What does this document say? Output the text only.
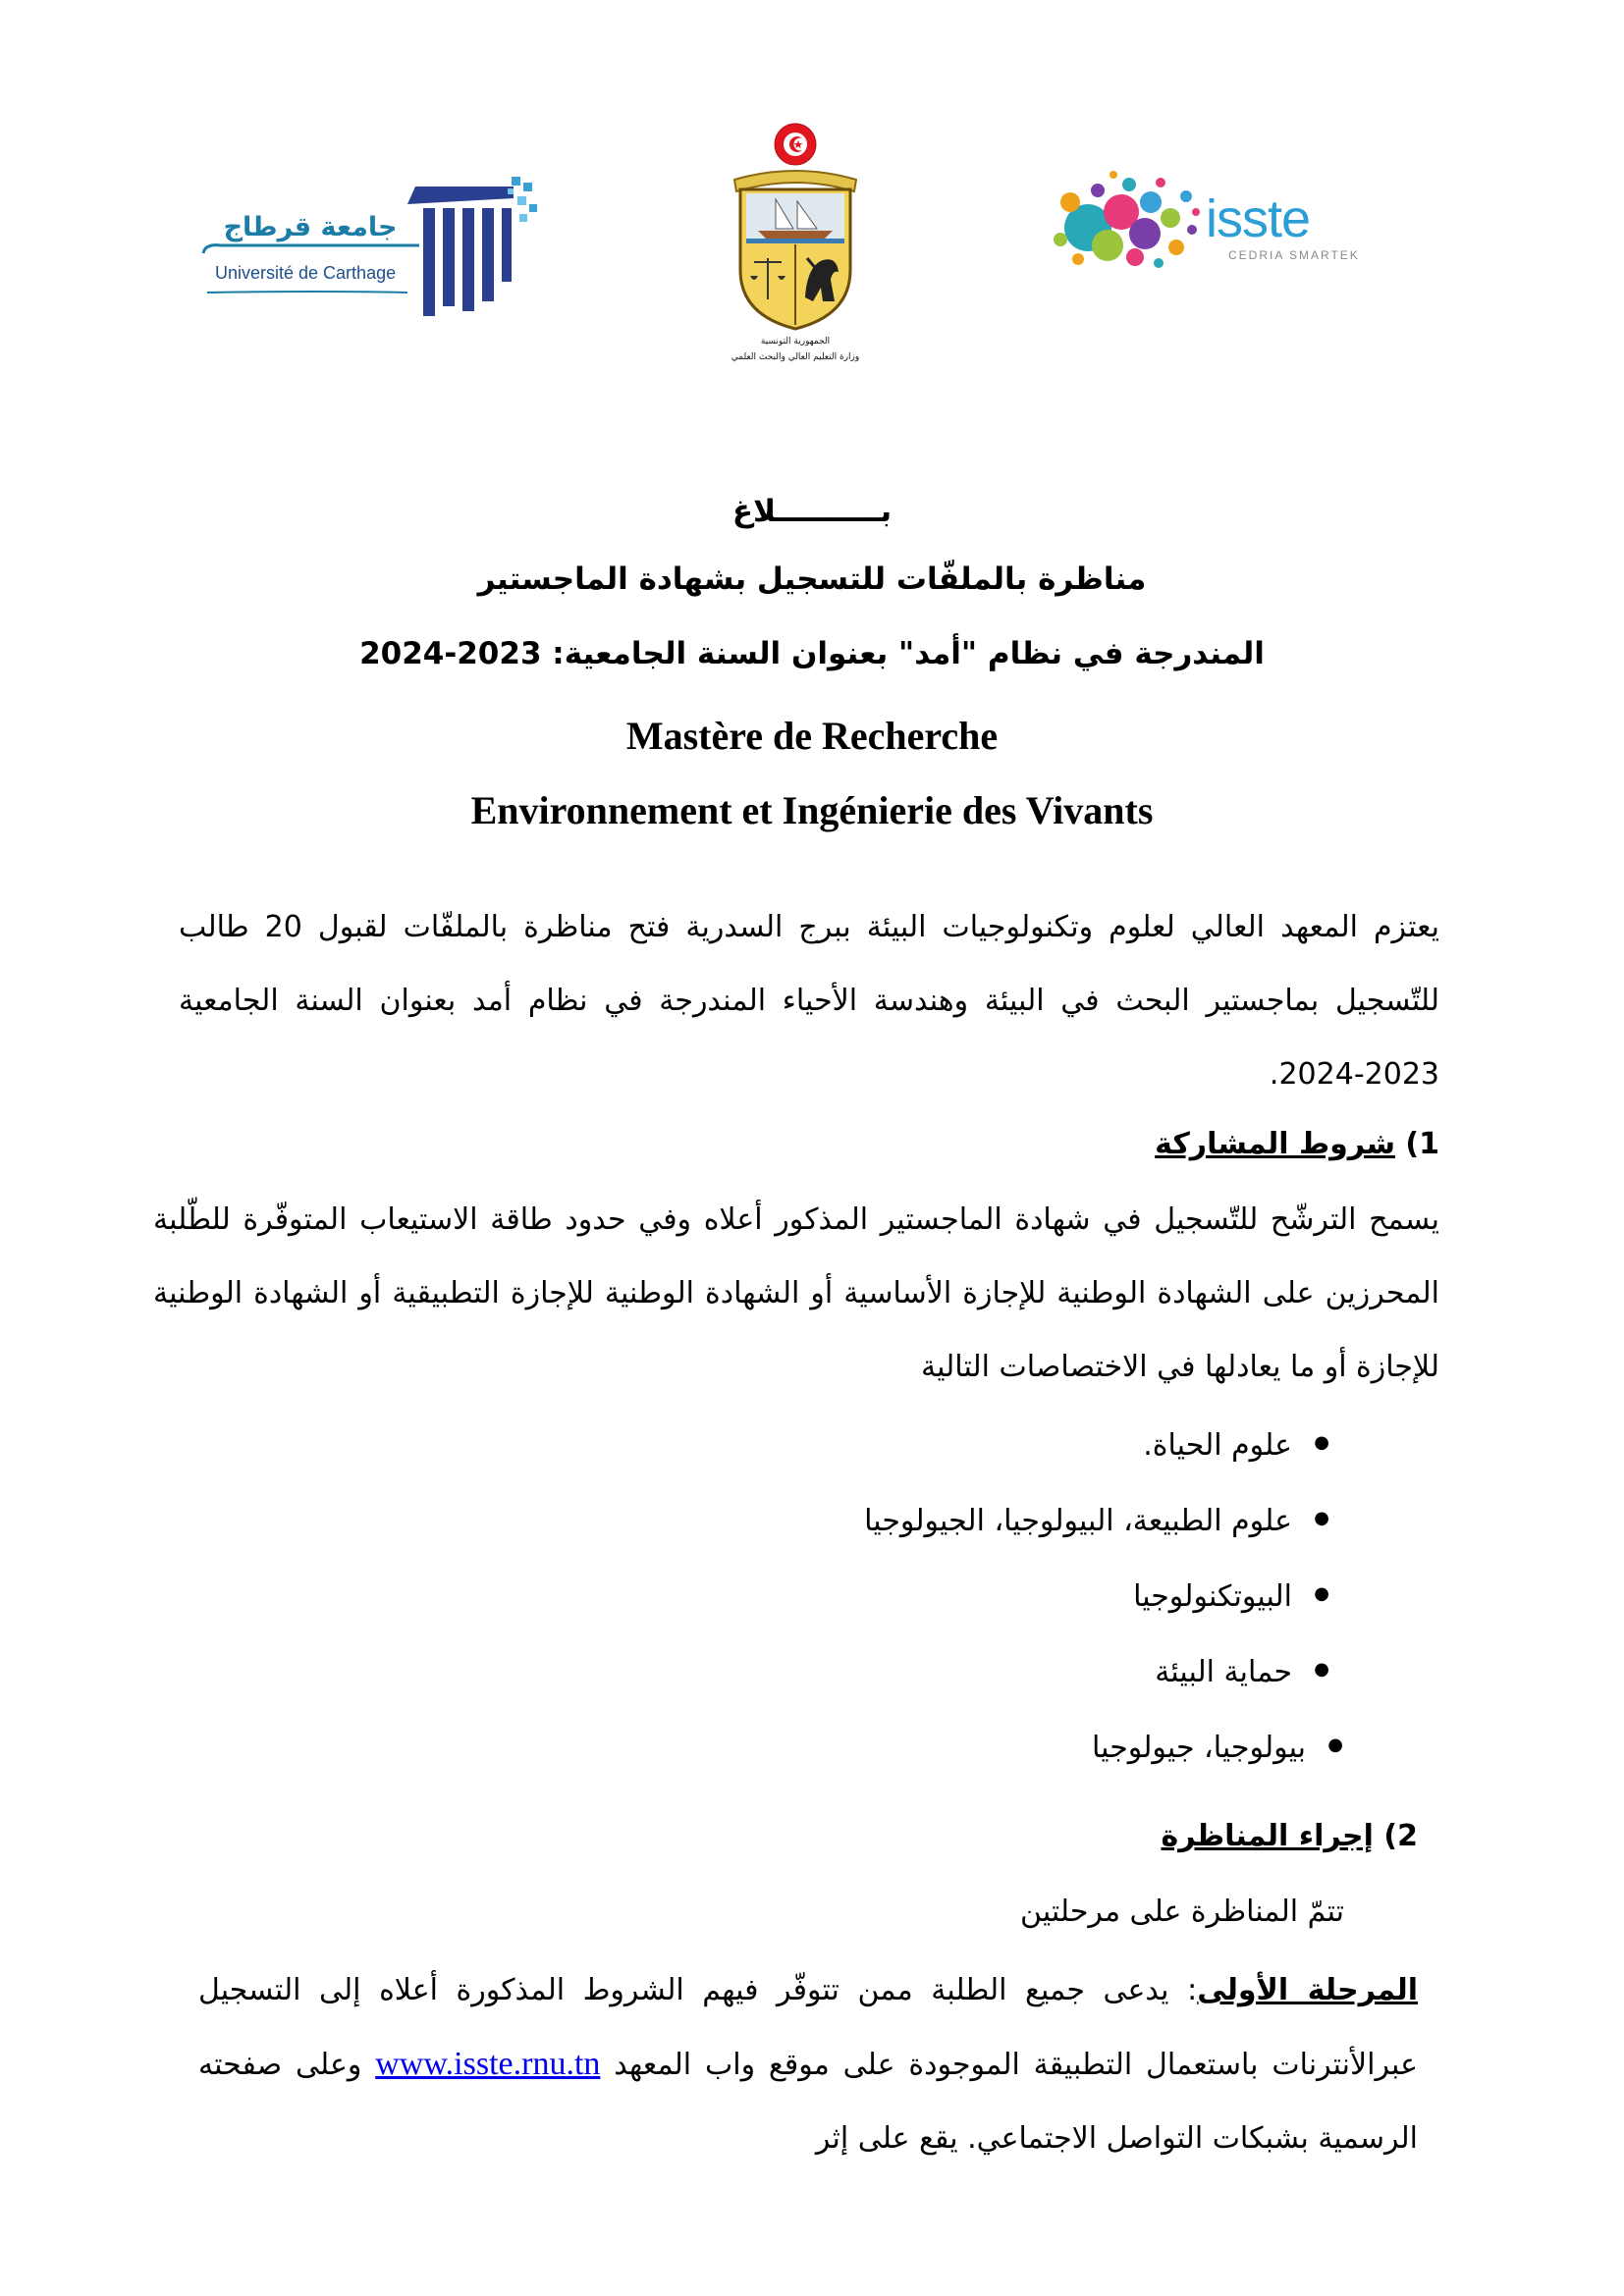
جامعة قرطاج
Université de Carthage
الجمهورية التونسية
وزارة التعليم العالي والبحث العلمي
isste
CEDRIA SMARTEK
بــــــــــلاغ
مناظرة بالملفّات للتسجيل بشهادة الماجستير
المندرجة في نظام "أمد" بعنوان السنة الجامعية: 2023-2024
Mastère de Recherche
Environnement et Ingénierie des Vivants
يعتزم المعهد العالي لعلوم وتكنولوجيات البيئة ببرج السدرية فتح مناظرة بالملفّات لقبول 20 طالب للتّسجيل بماجستير البحث في البيئة وهندسة الأحياء المندرجة في نظام أمد بعنوان السنة الجامعية 2023-2024.
1) شروط المشاركة
يسمح الترشّح للتّسجيل في شهادة الماجستير المذكور أعلاه وفي حدود طاقة الاستيعاب المتوفّرة للطّلبة المحرزين على الشهادة الوطنية للإجازة الأساسية أو الشهادة الوطنية للإجازة التطبيقية أو الشهادة الوطنية للإجازة أو ما يعادلها في الاختصاصات التالية
● علوم الحياة.
● علوم الطبيعة، البيولوجيا، الجيولوجيا
● البيوتكنولوجيا
● حماية البيئة
● بيولوجيا، جيولوجيا
2) إجراء المناظرة
تتمّ المناظرة على مرحلتين
المرحلة الأولى: يدعى جميع الطلبة ممن تتوفّر فيهم الشروط المذكورة أعلاه إلى التسجيل عبرالأنترنات باستعمال التطبيقة الموجودة على موقع واب المعهد www.isste.rnu.tn وعلى صفحته الرسمية بشبكات التواصل الاجتماعي. يقع على إثر
